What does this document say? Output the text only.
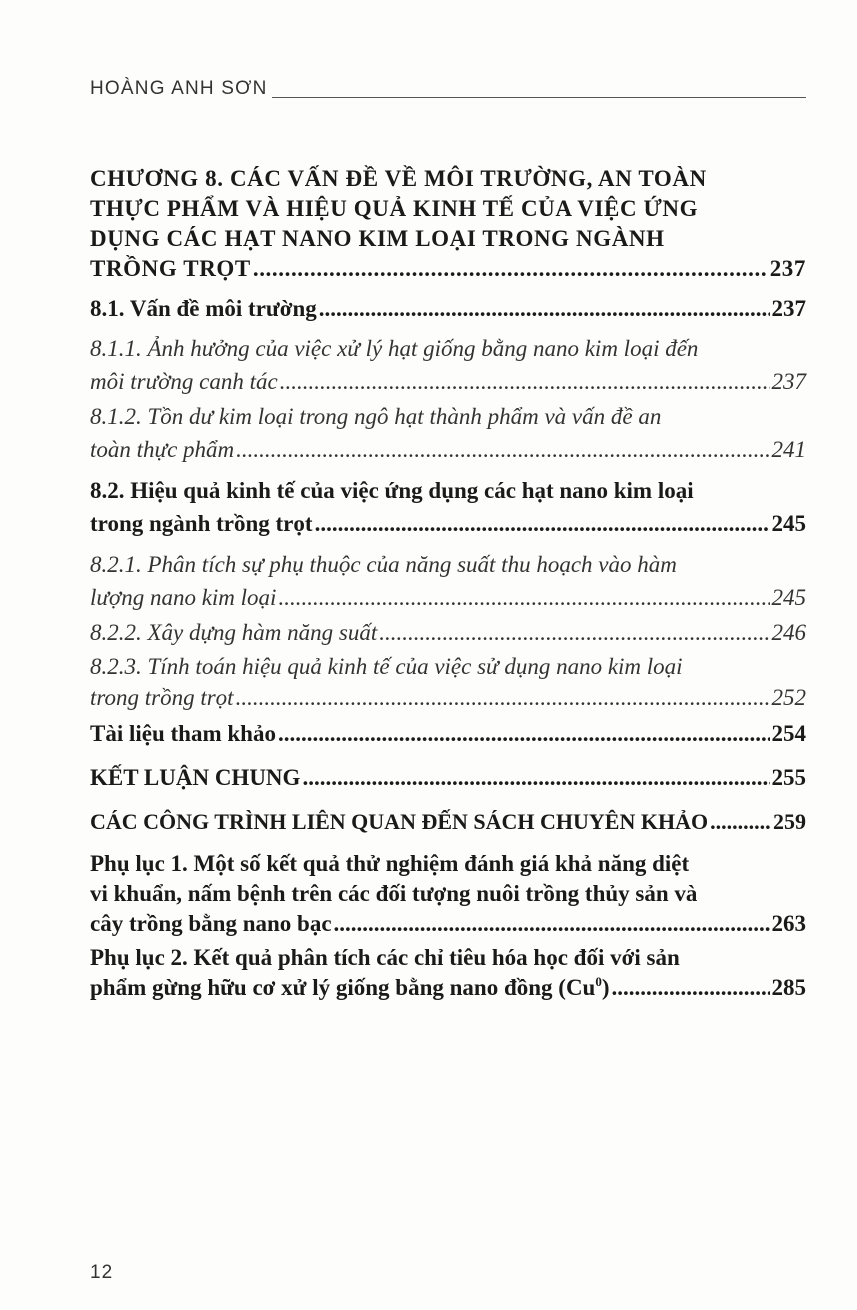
HOÀNG ANH SƠN
CHƯƠNG 8. CÁC VẤN ĐỀ VỀ MÔI TRƯỜNG, AN TOÀN
THỰC PHẨM VÀ HIỆU QUẢ KINH TẾ CỦA VIỆC ỨNG
DỤNG CÁC HẠT NANO KIM LOẠI TRONG NGÀNH
TRỒNG TRỌT .....	237
8.1. Vấn đề môi trường .....	237
8.1.1. Ảnh hưởng của việc xử lý hạt giống bằng nano kim loại đến
môi trường canh tác .....	237
8.1.2. Tồn dư kim loại trong ngô hạt thành phẩm và vấn đề an
toàn thực phẩm .....	241
8.2. Hiệu quả kinh tế của việc ứng dụng các hạt nano kim loại
trong ngành trồng trọt .....	245
8.2.1. Phân tích sự phụ thuộc của năng suất thu hoạch vào hàm
lượng nano kim loại .....	245
8.2.2. Xây dựng hàm năng suất .....	246
8.2.3. Tính toán hiệu quả kinh tế của việc sử dụng nano kim loại
trong trồng trọt .....	252
Tài liệu tham khảo .....	254
KẾT LUẬN CHUNG .....	255
CÁC CÔNG TRÌNH LIÊN QUAN ĐẾN SÁCH CHUYÊN KHẢO .....	259
Phụ lục 1. Một số kết quả thử nghiệm đánh giá khả năng diệt
vi khuẩn, nấm bệnh trên các đối tượng nuôi trồng thủy sản và
cây trồng bằng nano bạc .....	263
Phụ lục 2. Kết quả phân tích các chỉ tiêu hóa học đối với sản
phẩm gừng hữu cơ xử lý giống bằng nano đồng (Cu$^0$) .....	285
12
